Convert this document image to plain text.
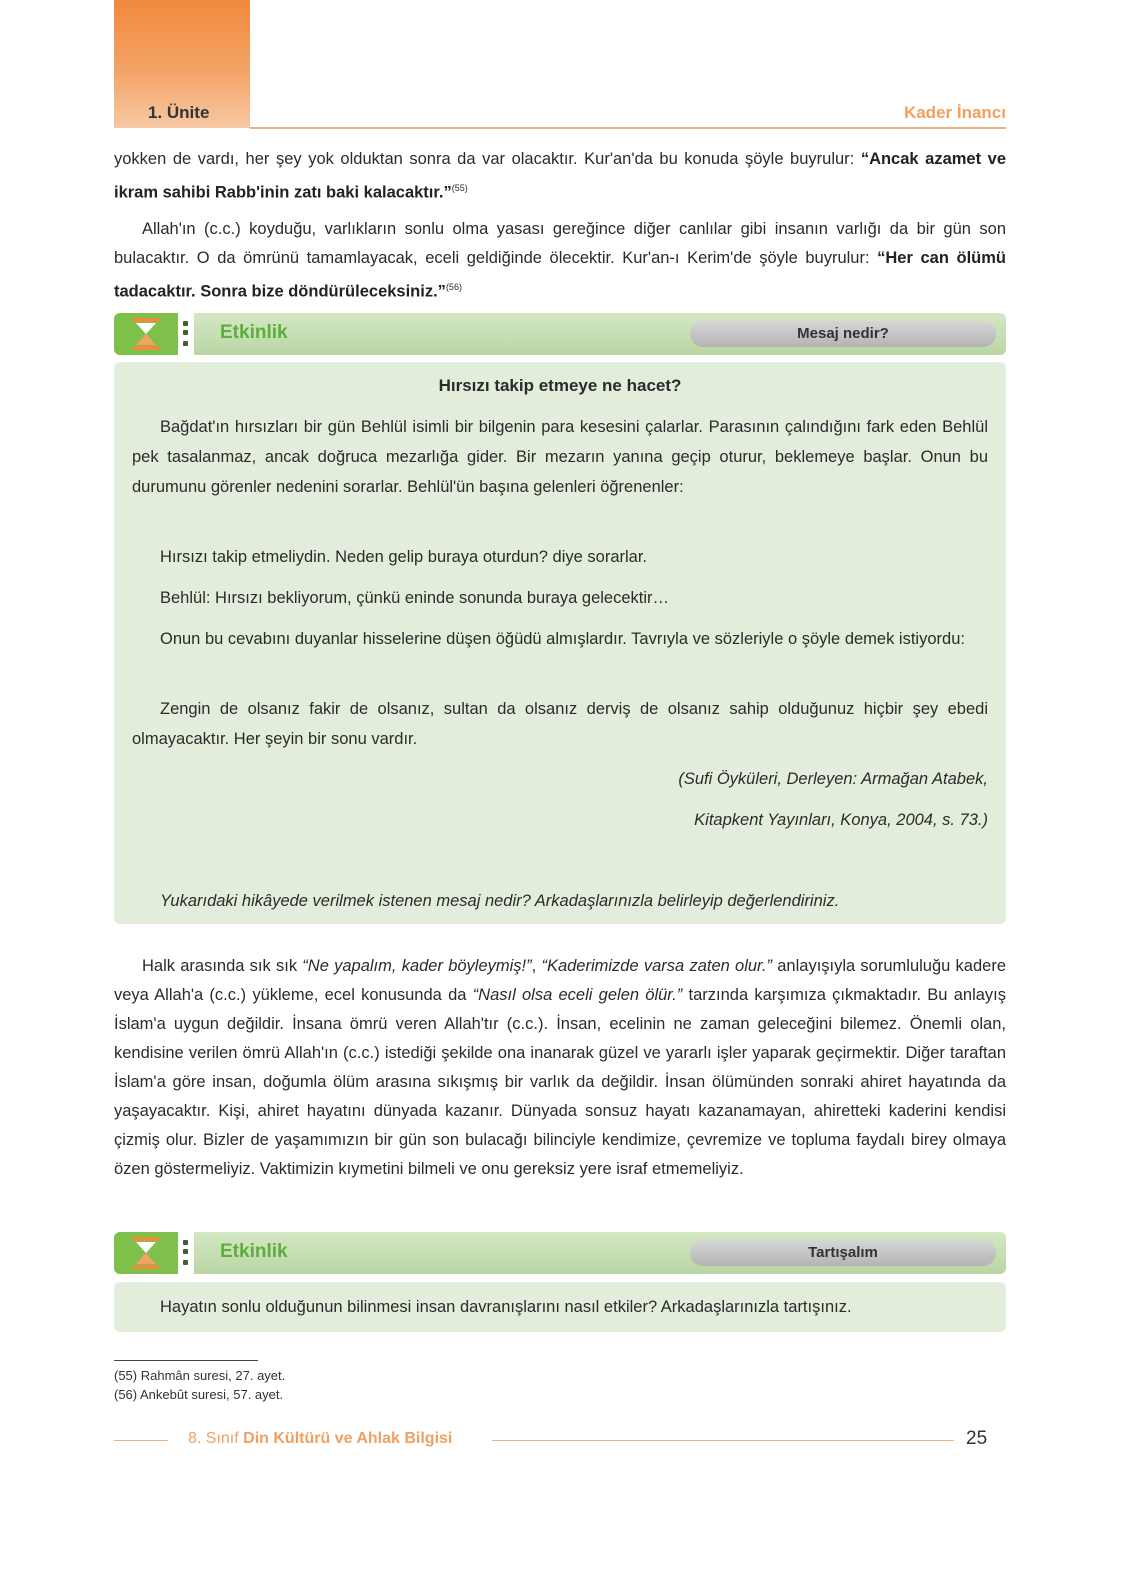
1. Ünite	Kader İnancı

yokken de vardı, her şey yok olduktan sonra da var olacaktır. Kur'an'da bu konuda şöyle buyrulur: “Ancak azamet ve ikram sahibi Rabb'inin zatı baki kalacaktır.”$^{(55)}$

Allah'ın (c.c.) koyduğu, varlıkların sonlu olma yasası gereğince diğer canlılar gibi insanın varlığı da bir gün son bulacaktır. O da ömrünü tamamlayacak, eceli geldiğinde ölecektir. Kur'an-ı Kerim'de şöyle buyrulur: “Her can ölümü tadacaktır. Sonra bize döndürüleceksiniz.”$^{(56)}$

Etkinlik	Mesaj nedir?

Hırsızı takip etmeye ne hacet?

Bağdat'ın hırsızları bir gün Behlül isimli bir bilgenin para kesesini çalarlar. Parasının çalındığını fark eden Behlül pek tasalanmaz, ancak doğruca mezarlığa gider. Bir mezarın yanına geçip oturur, beklemeye başlar. Onun bu durumunu görenler nedenini sorarlar. Behlül'ün başına gelenleri öğrenenler:

Hırsızı takip etmeliydin. Neden gelip buraya oturdun? diye sorarlar.

Behlül: Hırsızı bekliyorum, çünkü eninde sonunda buraya gelecektir…

Onun bu cevabını duyanlar hisselerine düşen öğüdü almışlardır. Tavrıyla ve sözleriyle o şöyle demek istiyordu:

Zengin de olsanız fakir de olsanız, sultan da olsanız derviş de olsanız sahip olduğunuz hiçbir şey ebedi olmayacaktır. Her şeyin bir sonu vardır.

(Sufi Öyküleri, Derleyen: Armağan Atabek,

Kitapkent Yayınları, Konya, 2004, s. 73.)

Yukarıdaki hikâyede verilmek istenen mesaj nedir? Arkadaşlarınızla belirleyip değerlendiriniz.

Halk arasında sık sık “Ne yapalım, kader böyleymiş!”, “Kaderimizde varsa zaten olur.” anlayışıyla sorumluluğu kadere veya Allah'a (c.c.) yükleme, ecel konusunda da “Nasıl olsa eceli gelen ölür.” tarzında karşımıza çıkmaktadır. Bu anlayış İslam'a uygun değildir. İnsana ömrü veren Allah'tır (c.c.). İnsan, ecelinin ne zaman geleceğini bilemez. Önemli olan, kendisine verilen ömrü Allah'ın (c.c.) istediği şekilde ona inanarak güzel ve yararlı işler yaparak geçirmektir. Diğer taraftan İslam'a göre insan, doğumla ölüm arasına sıkışmış bir varlık da değildir. İnsan ölümünden sonraki ahiret hayatında da yaşayacaktır. Kişi, ahiret hayatını dünyada kazanır. Dünyada sonsuz hayatı kazanamayan, ahiretteki kaderini kendisi çizmiş olur. Bizler de yaşamımızın bir gün son bulacağı bilinciyle kendimize, çevremize ve topluma faydalı birey olmaya özen göstermeliyiz. Vaktimizin kıymetini bilmeli ve onu gereksiz yere israf etmemeliyiz.

Etkinlik	Tartışalım

Hayatın sonlu olduğunun bilinmesi insan davranışlarını nasıl etkiler? Arkadaşlarınızla tartışınız.

(55) Rahmân suresi, 27. ayet.
(56) Ankebût suresi, 57. ayet.
8. Sınıf Din Kültürü ve Ahlak Bilgisi	25
